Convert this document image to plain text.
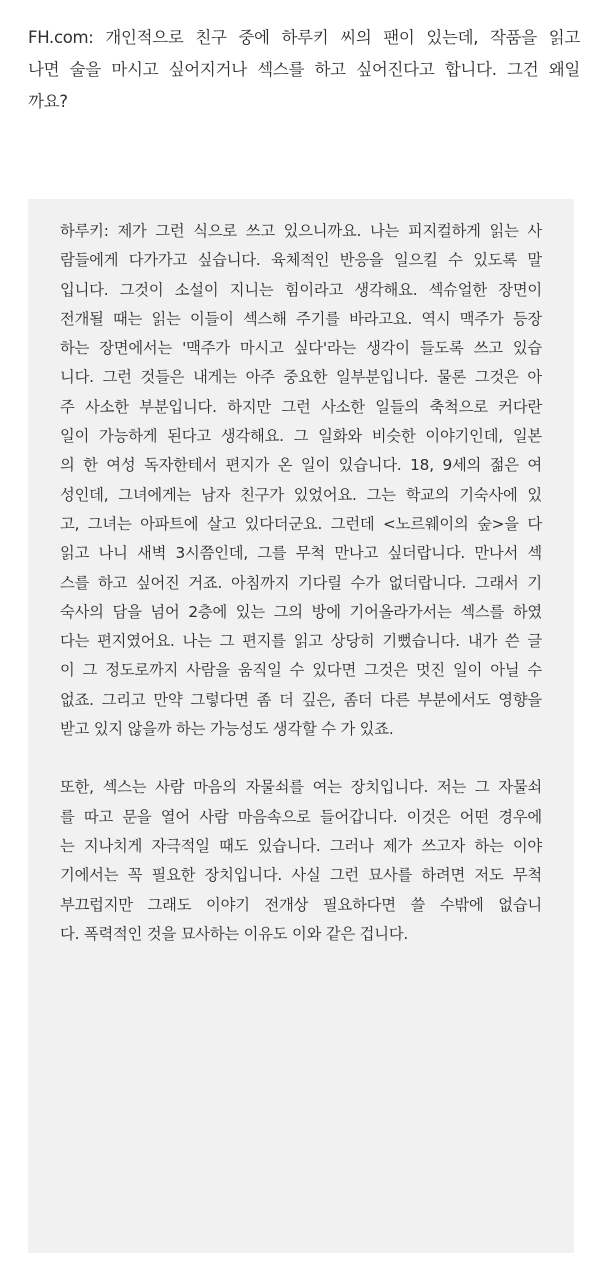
FH.com: 개인적으로 친구 중에 하루키 씨의 팬이 있는데, 작품을 읽고
나면 술을 마시고 싶어지거나 섹스를 하고 싶어진다고 합니다. 그건 왜일
까요?

하루키: 제가 그런 식으로 쓰고 있으니까요. 나는 피지컬하게 읽는 사
람들에게 다가가고 싶습니다. 육체적인 반응을 일으킬 수 있도록 말
입니다. 그것이 소설이 지니는 힘이라고 생각해요. 섹슈얼한 장면이
전개될 때는 읽는 이들이 섹스해 주기를 바라고요. 역시 맥주가 등장
하는 장면에서는 '맥주가 마시고 싶다'라는 생각이 들도록 쓰고 있습
니다. 그런 것들은 내게는 아주 중요한 일부분입니다. 물론 그것은 아
주 사소한 부분입니다. 하지만 그런 사소한 일들의 축척으로 커다란
일이 가능하게 된다고 생각해요. 그 일화와 비슷한 이야기인데, 일본
의 한 여성 독자한테서 편지가 온 일이 있습니다. 18, 9세의 젊은 여
성인데, 그녀에게는 남자 친구가 있었어요. 그는 학교의 기숙사에 있
고, 그녀는 아파트에 살고 있다더군요. 그런데 <노르웨이의 숲>을 다
읽고 나니 새벽 3시쯤인데, 그를 무척 만나고 싶더랍니다. 만나서 섹
스를 하고 싶어진 거죠. 아침까지 기다릴 수가 없더랍니다. 그래서 기
숙사의 담을 넘어 2층에 있는 그의 방에 기어올라가서는 섹스를 하였
다는 편지였어요. 나는 그 편지를 읽고 상당히 기뻤습니다. 내가 쓴 글
이 그 정도로까지 사람을 움직일 수 있다면 그것은 멋진 일이 아닐 수
없죠. 그리고 만약 그렇다면 좀 더 깊은, 좀더 다른 부분에서도 영향을
받고 있지 않을까 하는 가능성도 생각할 수 가 있죠.

또한, 섹스는 사람 마음의 자물쇠를 여는 장치입니다. 저는 그 자물쇠
를 따고 문을 열어 사람 마음속으로 들어갑니다. 이것은 어떤 경우에
는 지나치게 자극적일 때도 있습니다. 그러나 제가 쓰고자 하는 이야
기에서는 꼭 필요한 장치입니다. 사실 그런 묘사를 하려면 저도 무척
부끄럽지만 그래도 이야기 전개상 필요하다면 쓸 수밖에 없습니
다. 폭력적인 것을 묘사하는 이유도 이와 같은 겁니다.
